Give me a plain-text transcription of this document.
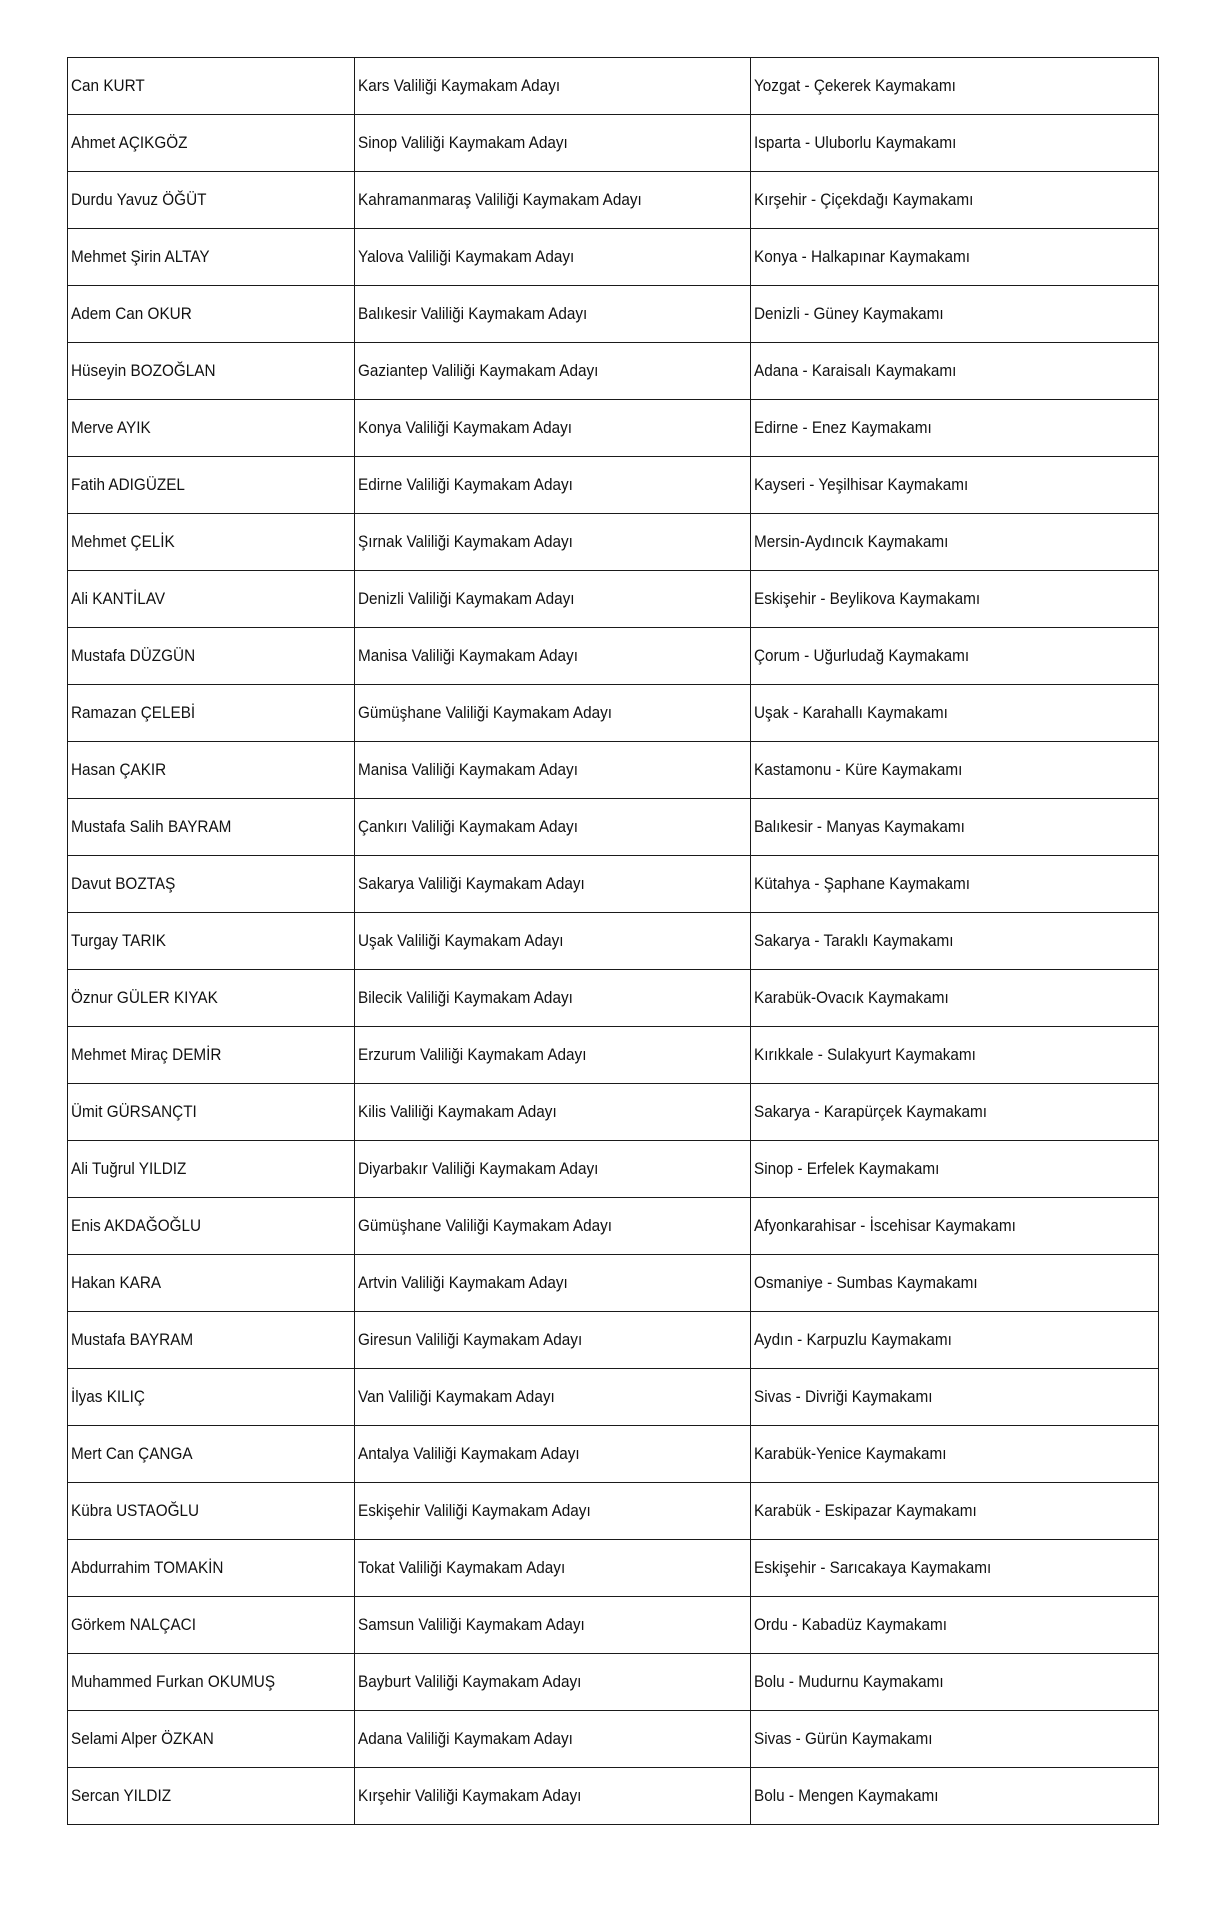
Can KURT	Kars Valiliği Kaymakam Adayı	Yozgat - Çekerek Kaymakamı
Ahmet AÇIKGÖZ	Sinop Valiliği Kaymakam Adayı	Isparta - Uluborlu Kaymakamı
Durdu Yavuz ÖĞÜT	Kahramanmaraş Valiliği Kaymakam Adayı	Kırşehir - Çiçekdağı Kaymakamı
Mehmet Şirin ALTAY	Yalova Valiliği Kaymakam Adayı	Konya - Halkapınar Kaymakamı
Adem Can OKUR	Balıkesir Valiliği Kaymakam Adayı	Denizli - Güney Kaymakamı
Hüseyin BOZOĞLAN	Gaziantep Valiliği Kaymakam Adayı	Adana - Karaisalı Kaymakamı
Merve AYIK	Konya Valiliği Kaymakam Adayı	Edirne - Enez Kaymakamı
Fatih ADIGÜZEL	Edirne Valiliği Kaymakam Adayı	Kayseri - Yeşilhisar Kaymakamı
Mehmet ÇELİK	Şırnak Valiliği Kaymakam Adayı	Mersin-Aydıncık Kaymakamı
Ali KANTİLAV	Denizli Valiliği Kaymakam Adayı	Eskişehir - Beylikova Kaymakamı
Mustafa DÜZGÜN	Manisa Valiliği Kaymakam Adayı	Çorum - Uğurludağ Kaymakamı
Ramazan ÇELEBİ	Gümüşhane Valiliği Kaymakam Adayı	Uşak - Karahallı Kaymakamı
Hasan ÇAKIR	Manisa Valiliği Kaymakam Adayı	Kastamonu - Küre Kaymakamı
Mustafa Salih BAYRAM	Çankırı Valiliği Kaymakam Adayı	Balıkesir - Manyas Kaymakamı
Davut BOZTAŞ	Sakarya Valiliği Kaymakam Adayı	Kütahya - Şaphane Kaymakamı
Turgay TARIK	Uşak Valiliği Kaymakam Adayı	Sakarya - Taraklı Kaymakamı
Öznur GÜLER KIYAK	Bilecik Valiliği Kaymakam Adayı	Karabük-Ovacık Kaymakamı
Mehmet Miraç DEMİR	Erzurum Valiliği Kaymakam Adayı	Kırıkkale - Sulakyurt Kaymakamı
Ümit GÜRSANÇTI	Kilis Valiliği Kaymakam Adayı	Sakarya - Karapürçek Kaymakamı
Ali Tuğrul YILDIZ	Diyarbakır Valiliği Kaymakam Adayı	Sinop - Erfelek Kaymakamı
Enis AKDAĞOĞLU	Gümüşhane Valiliği Kaymakam Adayı	Afyonkarahisar - İscehisar Kaymakamı
Hakan KARA	Artvin Valiliği Kaymakam Adayı	Osmaniye - Sumbas Kaymakamı
Mustafa BAYRAM	Giresun Valiliği Kaymakam Adayı	Aydın - Karpuzlu Kaymakamı
İlyas KILIÇ	Van Valiliği Kaymakam Adayı	Sivas - Divriği Kaymakamı
Mert Can ÇANGA	Antalya Valiliği Kaymakam Adayı	Karabük-Yenice Kaymakamı
Kübra USTAOĞLU	Eskişehir Valiliği Kaymakam Adayı	Karabük - Eskipazar Kaymakamı
Abdurrahim TOMAKİN	Tokat Valiliği Kaymakam Adayı	Eskişehir - Sarıcakaya Kaymakamı
Görkem NALÇACI	Samsun Valiliği Kaymakam Adayı	Ordu - Kabadüz Kaymakamı
Muhammed Furkan OKUMUŞ	Bayburt Valiliği Kaymakam Adayı	Bolu - Mudurnu Kaymakamı
Selami Alper ÖZKAN	Adana Valiliği Kaymakam Adayı	Sivas - Gürün Kaymakamı
Sercan YILDIZ	Kırşehir Valiliği Kaymakam Adayı	Bolu - Mengen Kaymakamı
